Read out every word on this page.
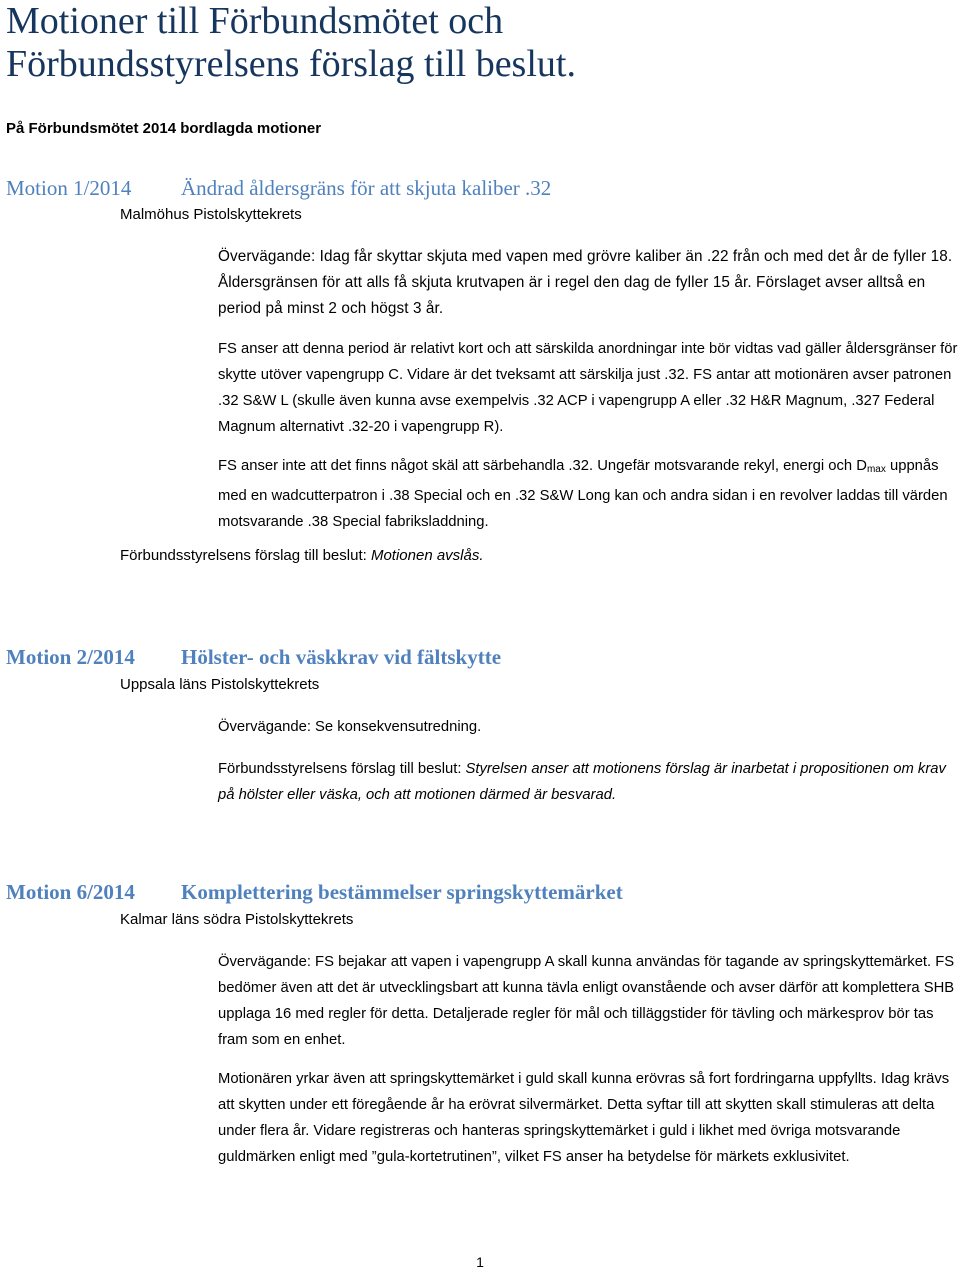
Motioner till Förbundsmötet och
Förbundsstyrelsens förslag till beslut.

På Förbundsmötet 2014 bordlagda motioner

Motion 1/2014 Ändrad åldersgräns för att skjuta kaliber .32
Malmöhus Pistolskyttekrets

Övervägande: Idag får skyttar skjuta med vapen med grövre kaliber än .22 från och med det år de fyller 18. Åldersgränsen för att alls få skjuta krutvapen är i regel den dag de fyller 15 år. Förslaget avser alltså en period på minst 2 och högst 3 år.

FS anser att denna period är relativt kort och att särskilda anordningar inte bör vidtas vad gäller åldersgränser för skytte utöver vapengrupp C. Vidare är det tveksamt att särskilja just .32. FS antar att motionären avser patronen .32 S&W L (skulle även kunna avse exempelvis .32 ACP i vapengrupp A eller .32 H&R Magnum, .327 Federal Magnum alternativt .32-20 i vapengrupp R).

FS anser inte att det finns något skäl att särbehandla .32. Ungefär motsvarande rekyl, energi och $D_{max}$ uppnås med en wadcutterpatron i .38 Special och en .32 S&W Long kan och andra sidan i en revolver laddas till värden motsvarande .38 Special fabriksladdning.

Förbundsstyrelsens förslag till beslut: Motionen avslås.
Motion 2/2014 Hölster- och väskkrav vid fältskytte
Uppsala läns Pistolskyttekrets

Övervägande: Se konsekvensutredning.

Förbundsstyrelsens förslag till beslut: Styrelsen anser att motionens förslag är inarbetat i propositionen om krav på hölster eller väska, och att motionen därmed är besvarad.

Motion 6/2014 Komplettering bestämmelser springskyttemärket
Kalmar läns södra Pistolskyttekrets

Övervägande: FS bejakar att vapen i vapengrupp A skall kunna användas för tagande av springskyttemärket. FS bedömer även att det är utvecklingsbart att kunna tävla enligt ovanstående och avser därför att komplettera SHB upplaga 16 med regler för detta. Detaljerade regler för mål och tilläggstider för tävling och märkesprov bör tas fram som en enhet.

Motionären yrkar även att springskyttemärket i guld skall kunna erövras så fort fordringarna uppfyllts. Idag krävs att skytten under ett föregående år ha erövrat silvermärket. Detta syftar till att skytten skall stimuleras att delta under flera år. Vidare registreras och hanteras springskyttemärket i guld i likhet med övriga motsvarande guldmärken enligt med ”gula-kortetrutinen”, vilket FS anser ha betydelse för märkets exklusivitet.

1
